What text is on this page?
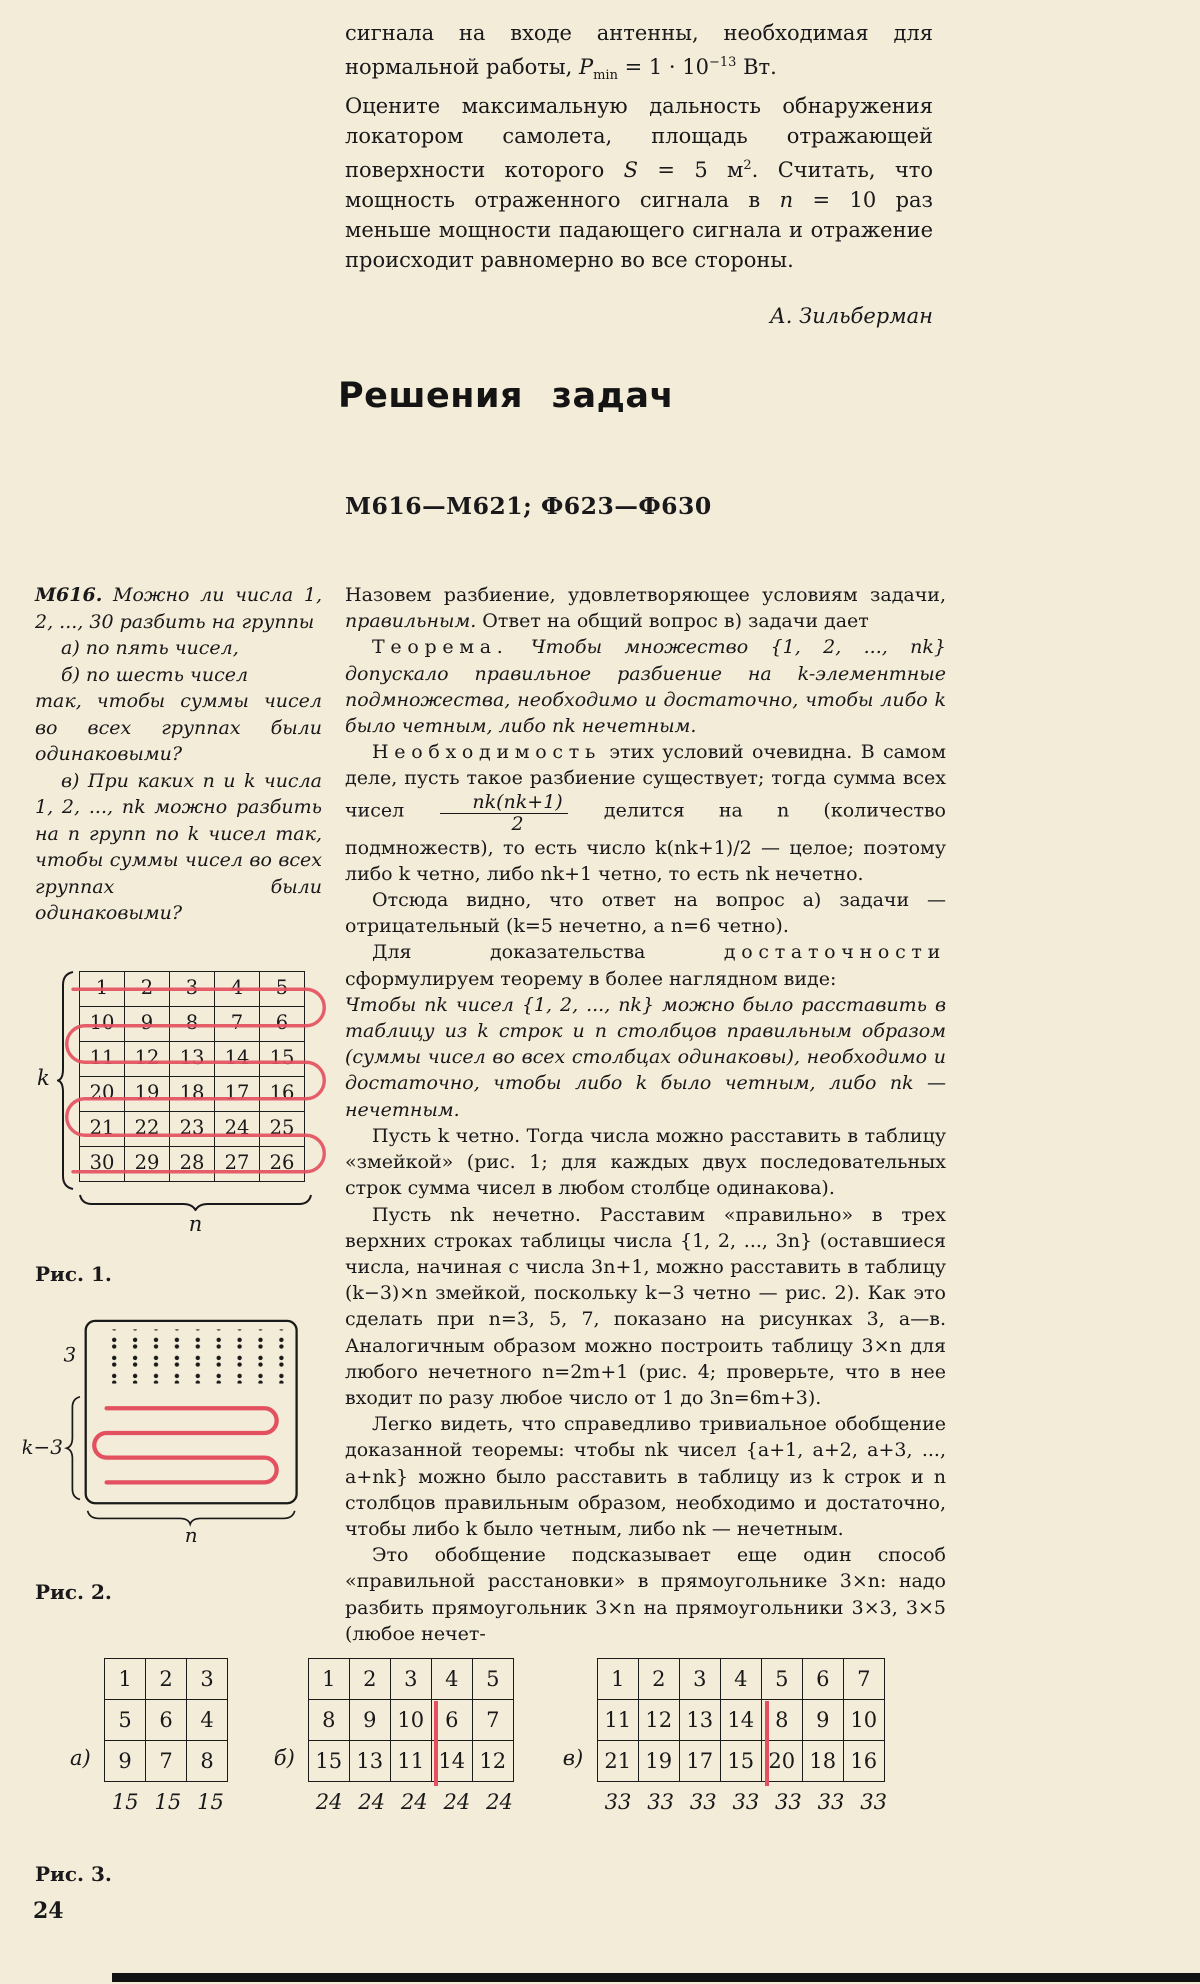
сигнала на входе антенны, необходимая для нормальной работы, $P_{min} = 1 \cdot 10^{-13}$ Вт.

Оцените максимальную дальность обнаружения локатором самолета, площадь отражающей поверхности которого S = 5 $м^2$. Считать, что мощность отраженного сигнала в n = 10 раз меньше мощности падающего сигнала и отражение происходит равномерно во все стороны.

А. Зильберман
Решения задач
М616—М621; Ф623—Ф630

М616. Можно ли числа 1, 2, ..., 30 разбить на группы

а) по пять чисел,

б) по шесть чисел

так, чтобы суммы чисел во всех группах были одинаковыми?

в) При каких n и k числа 1, 2, ..., nk можно разбить на n групп по k чисел так, чтобы суммы чисел во всех группах были одинаковыми?

k
1	2	3	4	5
10	9	8	7	6
11	12	13	14	15
20	19	18	17	16
21	22	23	24	25
30	29	28	27	26
n
Рис. 1.
3
k−3
n
Рис. 2.

Назовем разбиение, удовлетворяющее условиям задачи, правильным. Ответ на общий вопрос в) задачи дает

Теорема. Чтобы множество {1, 2, ..., nk} допускало правильное разбиение на k-элементные подмножества, необходимо и достаточно, чтобы либо k было четным, либо nk нечетным.

Необходимость этих условий очевидна. В самом деле, пусть такое разбиение существует; тогда сумма всех чисел $\frac{nk(nk+1)}{2}$ делится на n (количество подмножеств), то есть число k(nk+1)/2 — целое; поэтому либо k четно, либо nk+1 четно, то есть nk нечетно.

Отсюда видно, что ответ на вопрос а) задачи — отрицательный (k=5 нечетно, а n=6 четно).

Для доказательства достаточности сформулируем теорему в более наглядном виде:

Чтобы nk чисел {1, 2, ..., nk} можно было расставить в таблицу из k строк и n столбцов правильным образом (суммы чисел во всех столбцах одинаковы), необходимо и достаточно, чтобы либо k было четным, либо nk — нечетным.

Пусть k четно. Тогда числа можно расставить в таблицу «змейкой» (рис. 1; для каждых двух последовательных строк сумма чисел в любом столбце одинакова).

Пусть nk нечетно. Расставим «правильно» в трех верхних строках таблицы числа {1, 2, ..., 3n} (оставшиеся числа, начиная с числа 3n+1, можно расставить в таблицу (k−3)×n змейкой, поскольку k−3 четно — рис. 2). Как это сделать при n=3, 5, 7, показано на рисунках 3, а—в. Аналогичным образом можно построить таблицу 3×n для любого нечетного n=2m+1 (рис. 4; проверьте, что в нее входит по разу любое число от 1 до 3n=6m+3).

Легко видеть, что справедливо тривиальное обобщение доказанной теоремы: чтобы nk чисел {a+1, a+2, a+3, ..., a+nk} можно было расставить в таблицу из k строк и n столбцов правильным образом, необходимо и достаточно, чтобы либо k было четным, либо nk — нечетным.

Это обобщение подсказывает еще один способ «правильной расстановки» в прямоугольнике 3×n: надо разбить прямоугольник 3×n на прямоугольники 3×3, 3×5 (любое нечет-

а)
1	2	3
5	6	4
9	7	8
15 15 15
б)
1	2	3	4	5
8	9	10	6	7
15	13	11	14	12
24 24 24 24 24
в)
1	2	3	4	5	6	7
11	12	13	14	8	9	10
21	19	17	15	20	18	16
33 33 33 33 33 33 33
Рис. 3.
24
